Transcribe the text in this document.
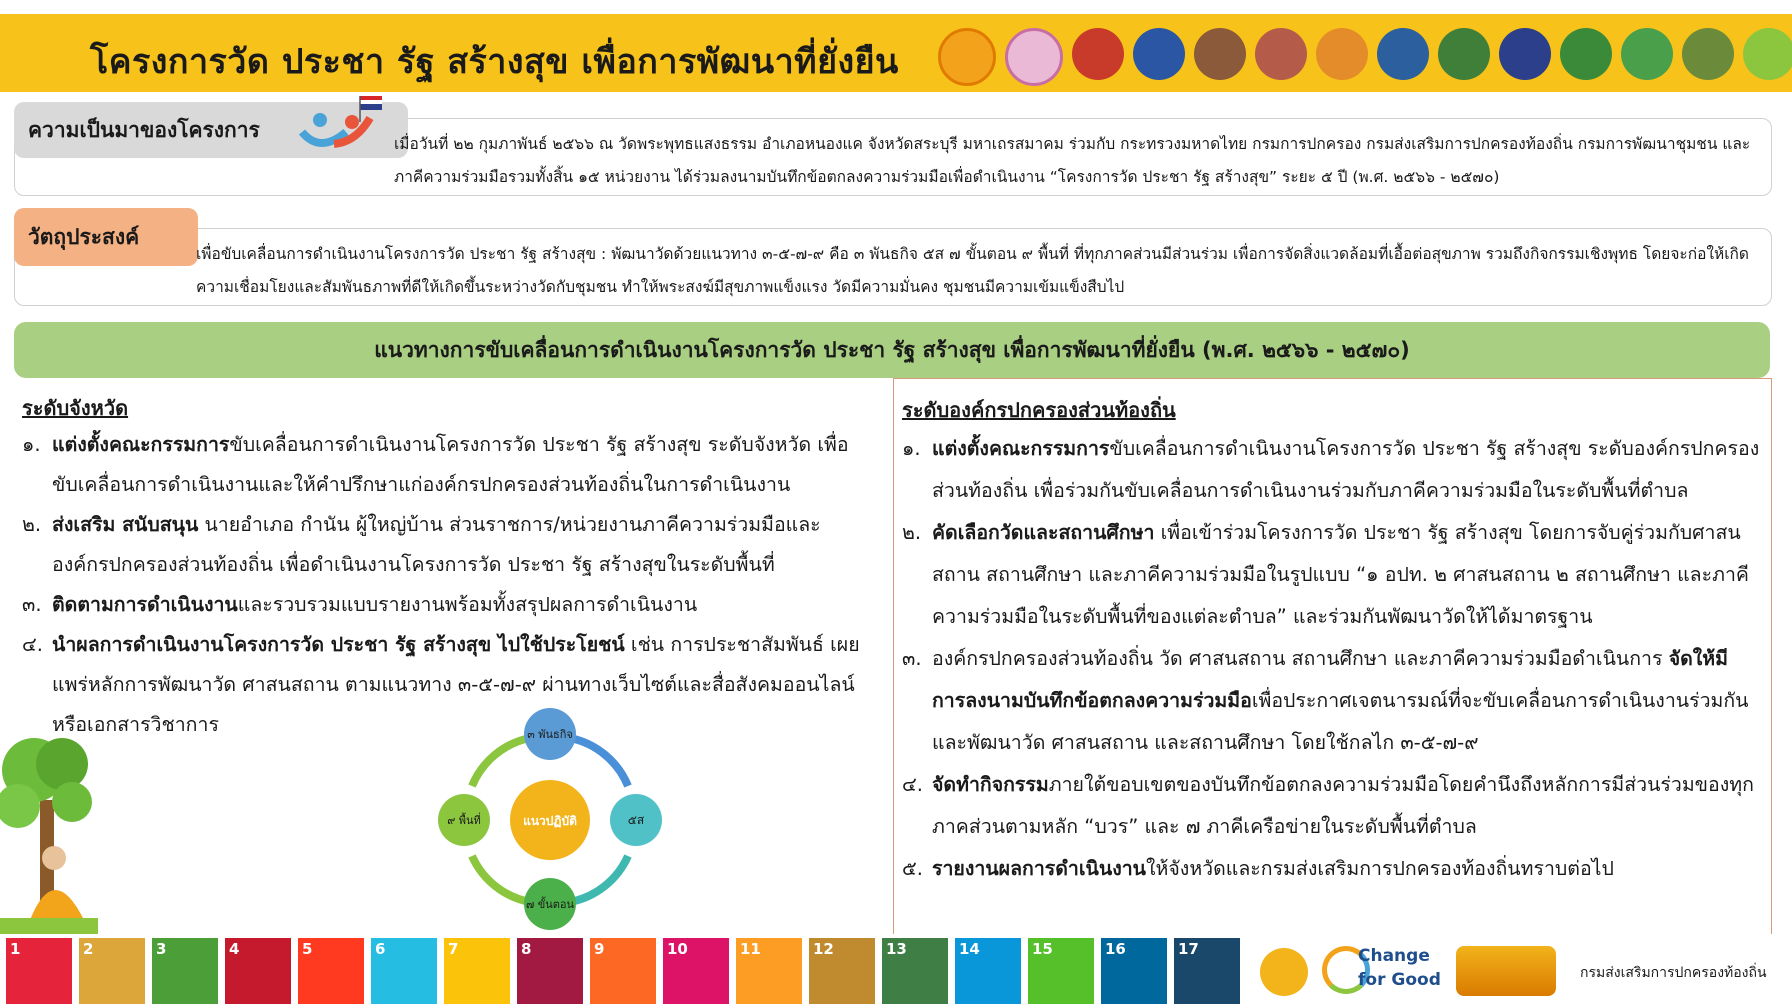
โครงการวัด ประชา รัฐ สร้างสุข เพื่อการพัฒนาที่ยั่งยืน
ความเป็นมาของโครงการ
เมื่อวันที่ ๒๒ กุมภาพันธ์ ๒๕๖๖ ณ วัดพระพุทธแสงธรรม อำเภอหนองแค จังหวัดสระบุรี มหาเถรสมาคม ร่วมกับ กระทรวงมหาดไทย กรมการปกครอง กรมส่งเสริมการปกครองท้องถิ่น กรมการพัฒนาชุมชน และภาคีความร่วมมือรวมทั้งสิ้น ๑๕ หน่วยงาน ได้ร่วมลงนามบันทึกข้อตกลงความร่วมมือเพื่อดำเนินงาน “โครงการวัด ประชา รัฐ สร้างสุข” ระยะ ๕ ปี (พ.ศ. ๒๕๖๖ - ๒๕๗๐)
วัตถุประสงค์
เพื่อขับเคลื่อนการดำเนินงานโครงการวัด ประชา รัฐ สร้างสุข : พัฒนาวัดด้วยแนวทาง ๓-๕-๗-๙ คือ ๓ พันธกิจ ๕ส ๗ ขั้นตอน ๙ พื้นที่ ที่ทุกภาคส่วนมีส่วนร่วม เพื่อการจัดสิ่งแวดล้อมที่เอื้อต่อสุขภาพ รวมถึงกิจกรรมเชิงพุทธ โดยจะก่อให้เกิดความเชื่อมโยงและสัมพันธภาพที่ดีให้เกิดขึ้นระหว่างวัดกับชุมชน ทำให้พระสงฆ์มีสุขภาพแข็งแรง วัดมีความมั่นคง ชุมชนมีความเข้มแข็งสืบไป
แนวทางการขับเคลื่อนการดำเนินงานโครงการวัด ประชา รัฐ สร้างสุข เพื่อการพัฒนาที่ยั่งยืน (พ.ศ. ๒๕๖๖ - ๒๕๗๐)
ระดับจังหวัด
๑. แต่งตั้งคณะกรรมการขับเคลื่อนการดำเนินงานโครงการวัด ประชา รัฐ สร้างสุข ระดับจังหวัด เพื่อขับเคลื่อนการดำเนินงานและให้คำปรึกษาแก่องค์กรปกครองส่วนท้องถิ่นในการดำเนินงาน
๒. ส่งเสริม สนับสนุน นายอำเภอ กำนัน ผู้ใหญ่บ้าน ส่วนราชการ/หน่วยงานภาคีความร่วมมือและองค์กรปกครองส่วนท้องถิ่น เพื่อดำเนินงานโครงการวัด ประชา รัฐ สร้างสุขในระดับพื้นที่
๓. ติดตามการดำเนินงานและรวบรวมแบบรายงานพร้อมทั้งสรุปผลการดำเนินงาน
๔. นำผลการดำเนินงานโครงการวัด ประชา รัฐ สร้างสุข ไปใช้ประโยชน์ เช่น การประชาสัมพันธ์ เผยแพร่หลักการพัฒนาวัด ศาสนสถาน ตามแนวทาง ๓-๕-๗-๙ ผ่านทางเว็บไซต์และสื่อสังคมออนไลน์หรือเอกสารวิชาการ
แนวปฏิบัติ
๓ พันธกิจ
๕ส
๗ ขั้นตอน
๙ พื้นที่
ระดับองค์กรปกครองส่วนท้องถิ่น
๑. แต่งตั้งคณะกรรมการขับเคลื่อนการดำเนินงานโครงการวัด ประชา รัฐ สร้างสุข ระดับองค์กรปกครองส่วนท้องถิ่น เพื่อร่วมกันขับเคลื่อนการดำเนินงานร่วมกับภาคีความร่วมมือในระดับพื้นที่ตำบล
๒. คัดเลือกวัดและสถานศึกษา เพื่อเข้าร่วมโครงการวัด ประชา รัฐ สร้างสุข โดยการจับคู่ร่วมกับศาสนสถาน สถานศึกษา และภาคีความร่วมมือในรูปแบบ “๑ อปท. ๒ ศาสนสถาน ๒ สถานศึกษา และภาคีความร่วมมือในระดับพื้นที่ของแต่ละตำบล” และร่วมกันพัฒนาวัดให้ได้มาตรฐาน
๓. องค์กรปกครองส่วนท้องถิ่น วัด ศาสนสถาน สถานศึกษา และภาคีความร่วมมือดำเนินการ จัดให้มีการลงนามบันทึกข้อตกลงความร่วมมือเพื่อประกาศเจตนารมณ์ที่จะขับเคลื่อนการดำเนินงานร่วมกันและพัฒนาวัด ศาสนสถาน และสถานศึกษา โดยใช้กลไก ๓-๕-๗-๙
๔. จัดทำกิจกรรมภายใต้ขอบเขตของบันทึกข้อตกลงความร่วมมือโดยคำนึงถึงหลักการมีส่วนร่วมของทุกภาคส่วนตามหลัก “บวร” และ ๗ ภาคีเครือข่ายในระดับพื้นที่ตำบล
๕. รายงานผลการดำเนินงานให้จังหวัดและกรมส่งเสริมการปกครองท้องถิ่นทราบต่อไป
1	2	3	4	5	6	7	8	9	10	11	12	13	14	15	16	17	Change
for Good	กรมส่งเสริมการปกครองท้องถิ่น
